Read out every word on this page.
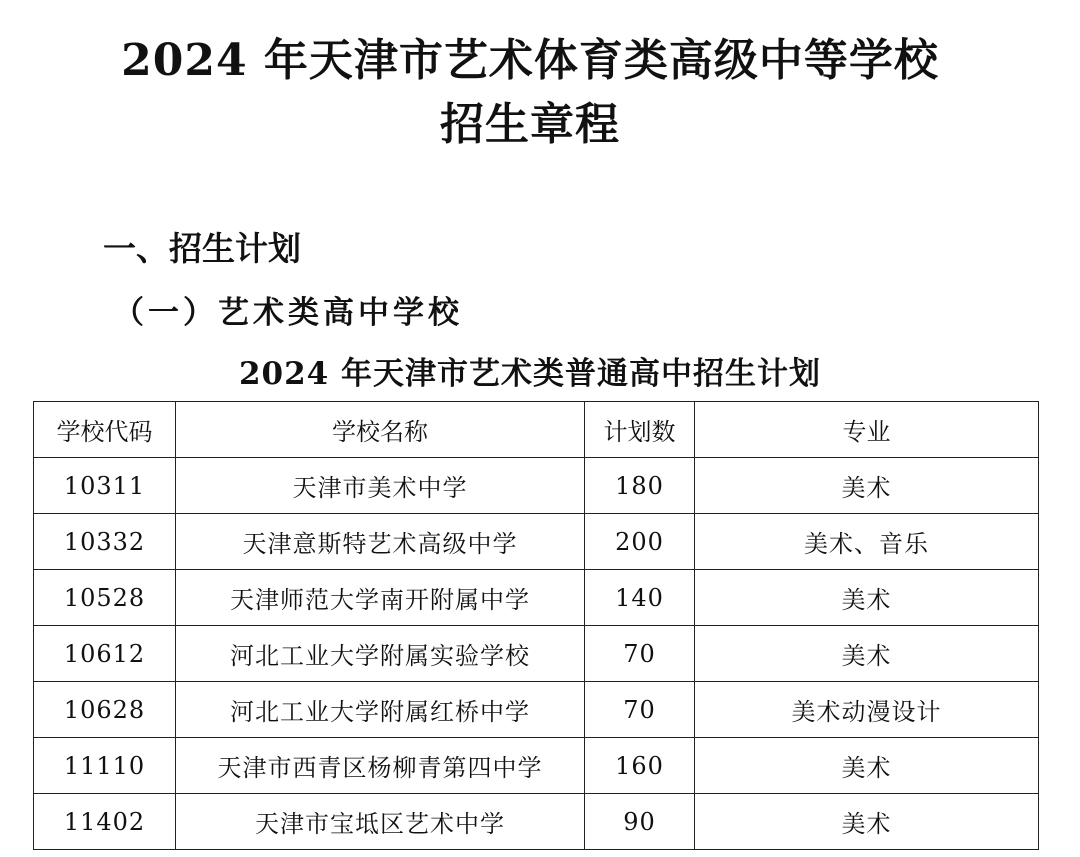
2024 年天津市艺术体育类高级中等学校
招生章程
一、招生计划
（一）艺术类高中学校
2024 年天津市艺术类普通高中招生计划
学校代码	学校名称	计划数	专业
10311	天津市美术中学	180	美术
10332	天津意斯特艺术高级中学	200	美术、音乐
10528	天津师范大学南开附属中学	140	美术
10612	河北工业大学附属实验学校	70	美术
10628	河北工业大学附属红桥中学	70	美术动漫设计
11110	天津市西青区杨柳青第四中学	160	美术
11402	天津市宝坻区艺术中学	90	美术
